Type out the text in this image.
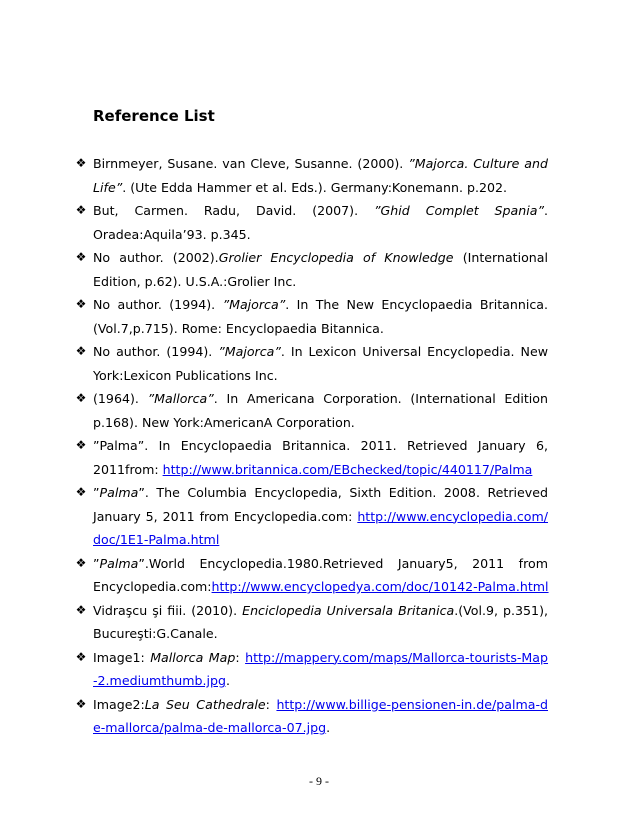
Reference List
❖ Birnmeyer, Susane. van Cleve, Susanne. (2000). ”Majorca. Culture and Life”. (Ute Edda Hammer et al. Eds.). Germany:Konemann. p.202.
❖ But, Carmen. Radu, David. (2007). ”Ghid Complet Spania”. Oradea:Aquila’93. p.345.
❖ No author. (2002).Grolier Encyclopedia of Knowledge (International Edition, p.62). U.S.A.:Grolier Inc.
❖ No author. (1994). ”Majorca”. In The New Encyclopaedia Britannica. (Vol.7,p.715). Rome: Encyclopaedia Bitannica.
❖ No author. (1994). ”Majorca”. In Lexicon Universal Encyclopedia. New York:Lexicon Publications Inc.
❖ (1964). ”Mallorca”. In Americana Corporation. (International Edition p.168). New York:AmericanA Corporation.
❖ ”Palma”. In Encyclopaedia Britannica. 2011. Retrieved January 6, 2011from: http://www.britannica.com/EBchecked/topic/440117/Palma
❖ ”Palma”. The Columbia Encyclopedia, Sixth Edition. 2008. Retrieved January 5, 2011 from Encyclopedia.com: http://www.encyclopedia.com/doc/1E1-Palma.html
❖ ”Palma”.World Encyclopedia.1980.Retrieved January5, 2011 from Encyclopedia.com:http://www.encyclopedya.com/doc/10142-Palma.html
❖ Vidraşcu şi fiii. (2010). Enciclopedia Universala Britanica.(Vol.9, p.351), Bucureşti:G.Canale.
❖ Image1: Mallorca Map: http://mappery.com/maps/Mallorca-tourists-Map-2.mediumthumb.jpg.
❖ Image2:La Seu Cathedrale: http://www.billige-pensionen-in.de/palma-de-mallorca/palma-de-mallorca-07.jpg.
- 9 -
